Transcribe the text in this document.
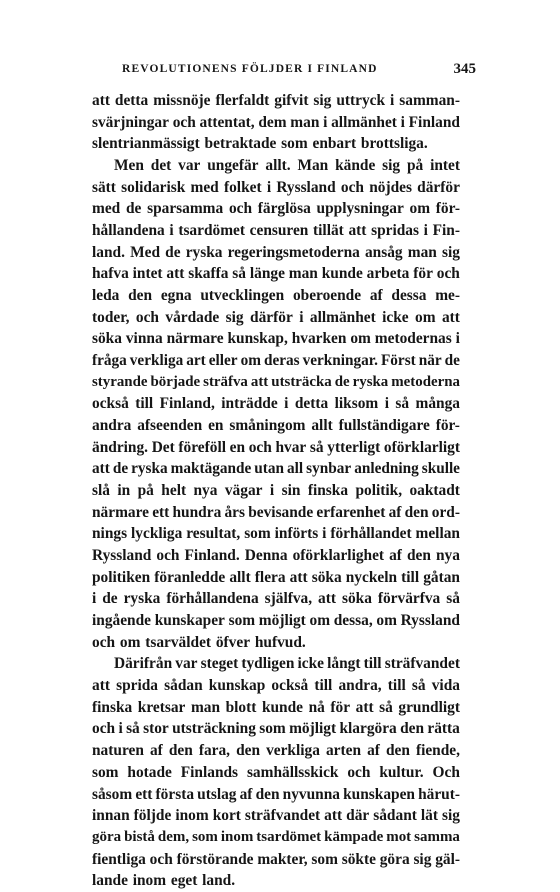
REVOLUTIONENS FÖLJDER I FINLAND	345
att detta missnöje flerfaldt gifvit sig uttryck i samman-
svärjningar och attentat, dem man i allmänhet i Finland
slentrianmässigt betraktade som enbart brottsliga.
Men det var ungefär allt. Man kände sig på intet
sätt solidarisk med folket i Ryssland och nöjdes därför
med de sparsamma och färglösa upplysningar om för-
hållandena i tsardömet censuren tillät att spridas i Fin-
land. Med de ryska regeringsmetoderna ansåg man sig
hafva intet att skaffa så länge man kunde arbeta för och
leda den egna utvecklingen oberoende af dessa me-
toder, och vårdade sig därför i allmänhet icke om att
söka vinna närmare kunskap, hvarken om metodernas i
fråga verkliga art eller om deras verkningar. Först när de
styrande började sträfva att utsträcka de ryska metoderna
också till Finland, inträdde i detta liksom i så många
andra afseenden en småningom allt fullständigare för-
ändring. Det föreföll en och hvar så ytterligt oförklarligt
att de ryska maktägande utan all synbar anledning skulle
slå in på helt nya vägar i sin finska politik, oaktadt
närmare ett hundra års bevisande erfarenhet af den ord-
nings lyckliga resultat, som införts i förhållandet mellan
Ryssland och Finland. Denna oförklarlighet af den nya
politiken föranledde allt flera att söka nyckeln till gåtan
i de ryska förhållandena själfva, att söka förvärfva så
ingående kunskaper som möjligt om dessa, om Ryssland
och om tsarväldet öfver hufvud.
Därifrån var steget tydligen icke långt till sträfvandet
att sprida sådan kunskap också till andra, till så vida
finska kretsar man blott kunde nå för att så grundligt
och i så stor utsträckning som möjligt klargöra den rätta
naturen af den fara, den verkliga arten af den fiende,
som hotade Finlands samhällsskick och kultur. Och
såsom ett första utslag af den nyvunna kunskapen härut-
innan följde inom kort sträfvandet att där sådant lät sig
göra bistå dem, som inom tsardömet kämpade mot samma
fientliga och förstörande makter, som sökte göra sig gäl-
lande inom eget land.
